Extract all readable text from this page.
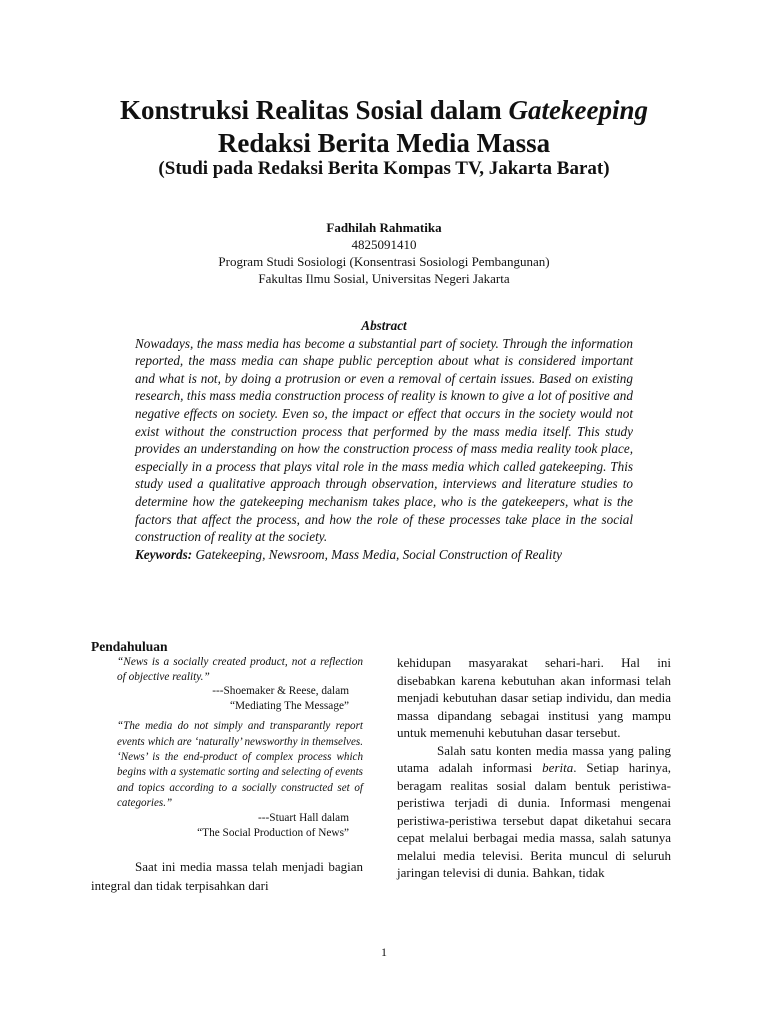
Konstruksi Realitas Sosial dalam Gatekeeping
Redaksi Berita Media Massa
(Studi pada Redaksi Berita Kompas TV, Jakarta Barat)
Fadhilah Rahmatika
4825091410
Program Studi Sosiologi (Konsentrasi Sosiologi Pembangunan)
Fakultas Ilmu Sosial, Universitas Negeri Jakarta
Abstract
Nowadays, the mass media has become a substantial part of society. Through the information reported, the mass media can shape public perception about what is considered important and what is not, by doing a protrusion or even a removal of certain issues. Based on existing research, this mass media construction process of reality is known to give a lot of positive and negative effects on society. Even so, the impact or effect that occurs in the society would not exist without the construction process that performed by the mass media itself. This study provides an understanding on how the construction process of mass media reality took place, especially in a process that plays vital role in the mass media which called gatekeeping. This study used a qualitative approach through observation, interviews and literature studies to determine how the gatekeeping mechanism takes place, who is the gatekeepers, what is the factors that affect the process, and how the role of these processes take place in the social construction of reality at the society.
Keywords: Gatekeeping, Newsroom, Mass Media, Social Construction of Reality
Pendahuluan
“News is a socially created product, not a reflection of objective reality.”
---Shoemaker & Reese, dalam
“Mediating The Message”
“The media do not simply and transparantly report events which are ‘naturally’ newsworthy in themselves. ‘News’ is the end-product of complex process which begins with a systematic sorting and selecting of events and topics according to a socially constructed set of categories.”
---Stuart Hall dalam
“The Social Production of News”
Saat ini media massa telah menjadi bagian integral dan tidak terpisahkan dari

kehidupan masyarakat sehari-hari. Hal ini disebabkan karena kebutuhan akan informasi telah menjadi kebutuhan dasar setiap individu, dan media massa dipandang sebagai institusi yang mampu untuk memenuhi kebutuhan dasar tersebut.

Salah satu konten media massa yang paling utama adalah informasi berita. Setiap harinya, beragam realitas sosial dalam bentuk peristiwa-peristiwa terjadi di dunia. Informasi mengenai peristiwa-peristiwa tersebut dapat diketahui secara cepat melalui berbagai media massa, salah satunya melalui media televisi. Berita muncul di seluruh jaringan televisi di dunia. Bahkan, tidak

1
